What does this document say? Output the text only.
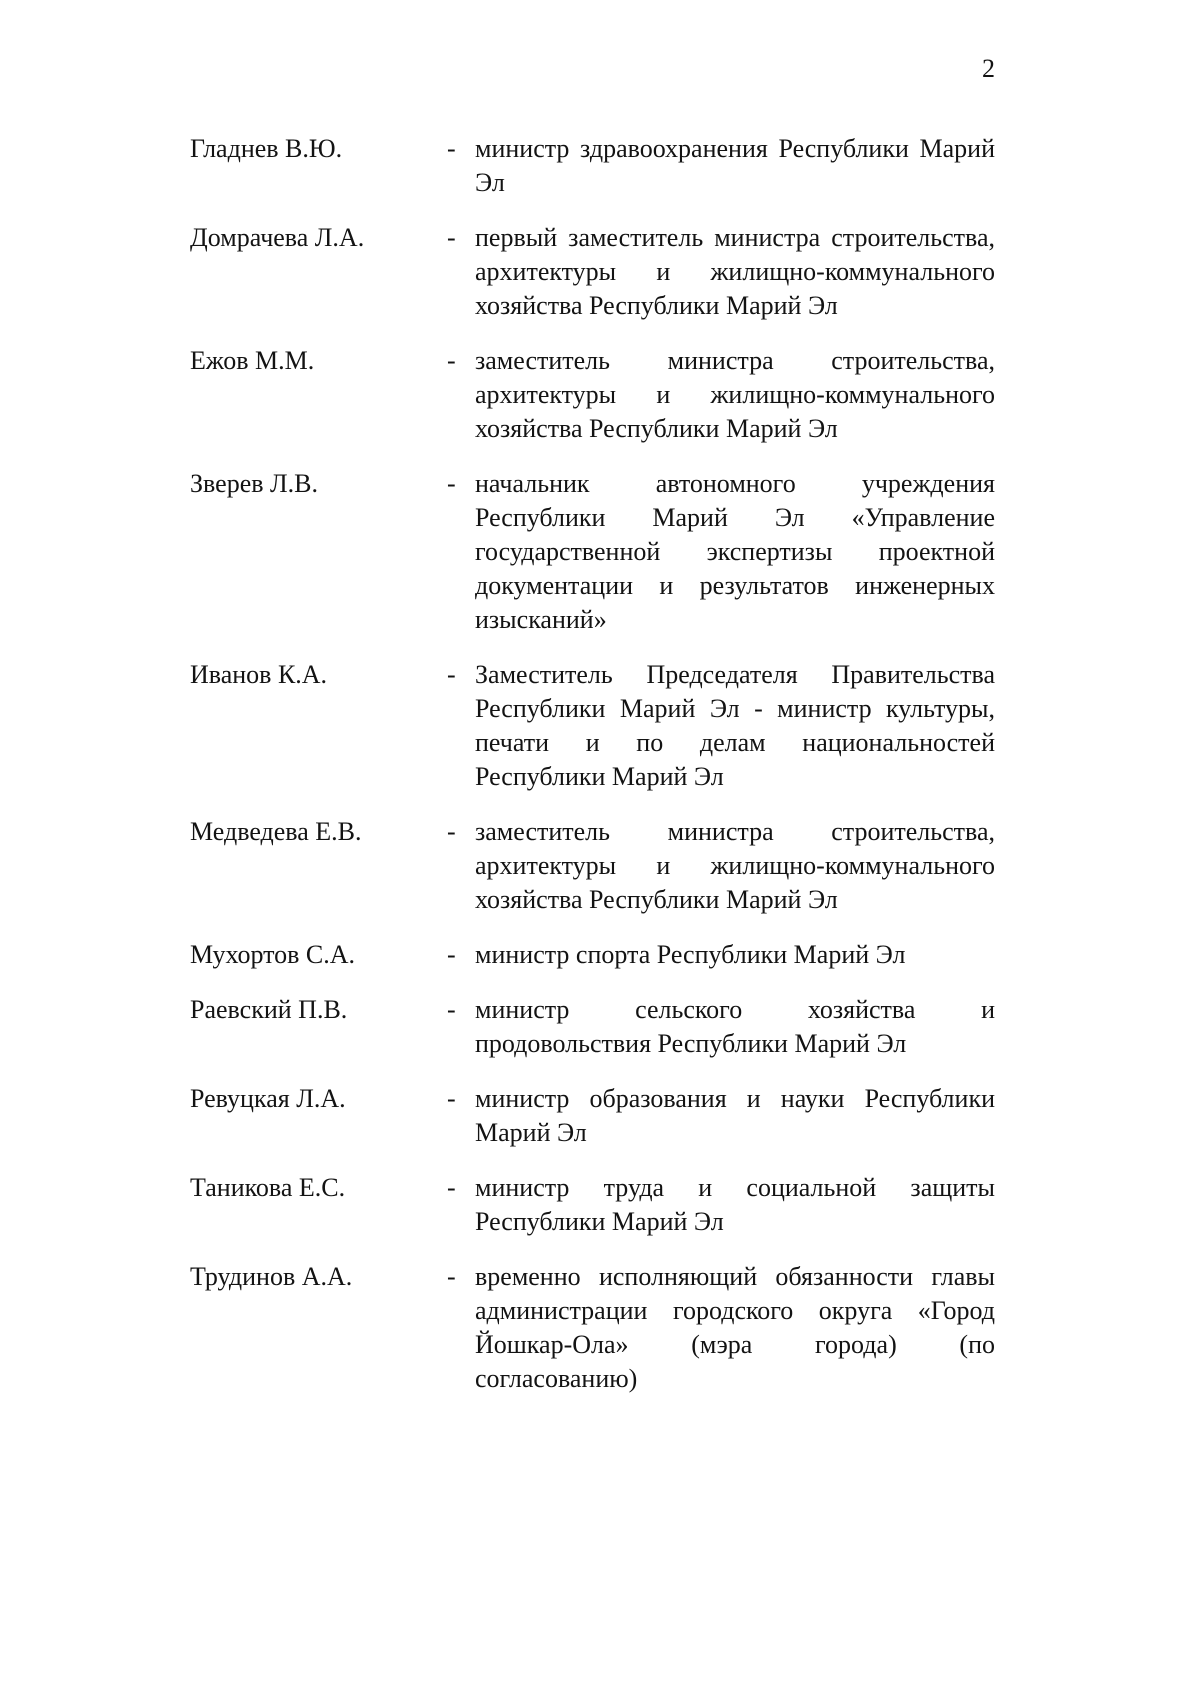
2
Гладнев В.Ю.	- министр здравоохранения Республики Марий Эл
Домрачева Л.А.	- первый заместитель министра строительства, архитектуры и жилищно-коммунального хозяйства Республики Марий Эл
Ежов М.М.	- заместитель министра строительства, архитектуры и жилищно-коммунального хозяйства Республики Марий Эл
Зверев Л.В.	- начальник автономного учреждения Республики Марий Эл «Управление государственной экспертизы проектной документации и результатов инженерных изысканий»
Иванов К.А.	- Заместитель Председателя Правительства Республики Марий Эл - министр культуры, печати и по делам национальностей Республики Марий Эл
Медведева Е.В.	- заместитель министра строительства, архитектуры и жилищно-коммунального хозяйства Республики Марий Эл
Мухортов С.А.	- министр спорта Республики Марий Эл
Раевский П.В.	- министр сельского хозяйства и продовольствия Республики Марий Эл
Ревуцкая Л.А.	- министр образования и науки Республики Марий Эл
Таникова Е.С.	- министр труда и социальной защиты Республики Марий Эл
Трудинов А.А.	- временно исполняющий обязанности главы администрации городского округа «Город Йошкар-Ола» (мэра города) (по согласованию)
